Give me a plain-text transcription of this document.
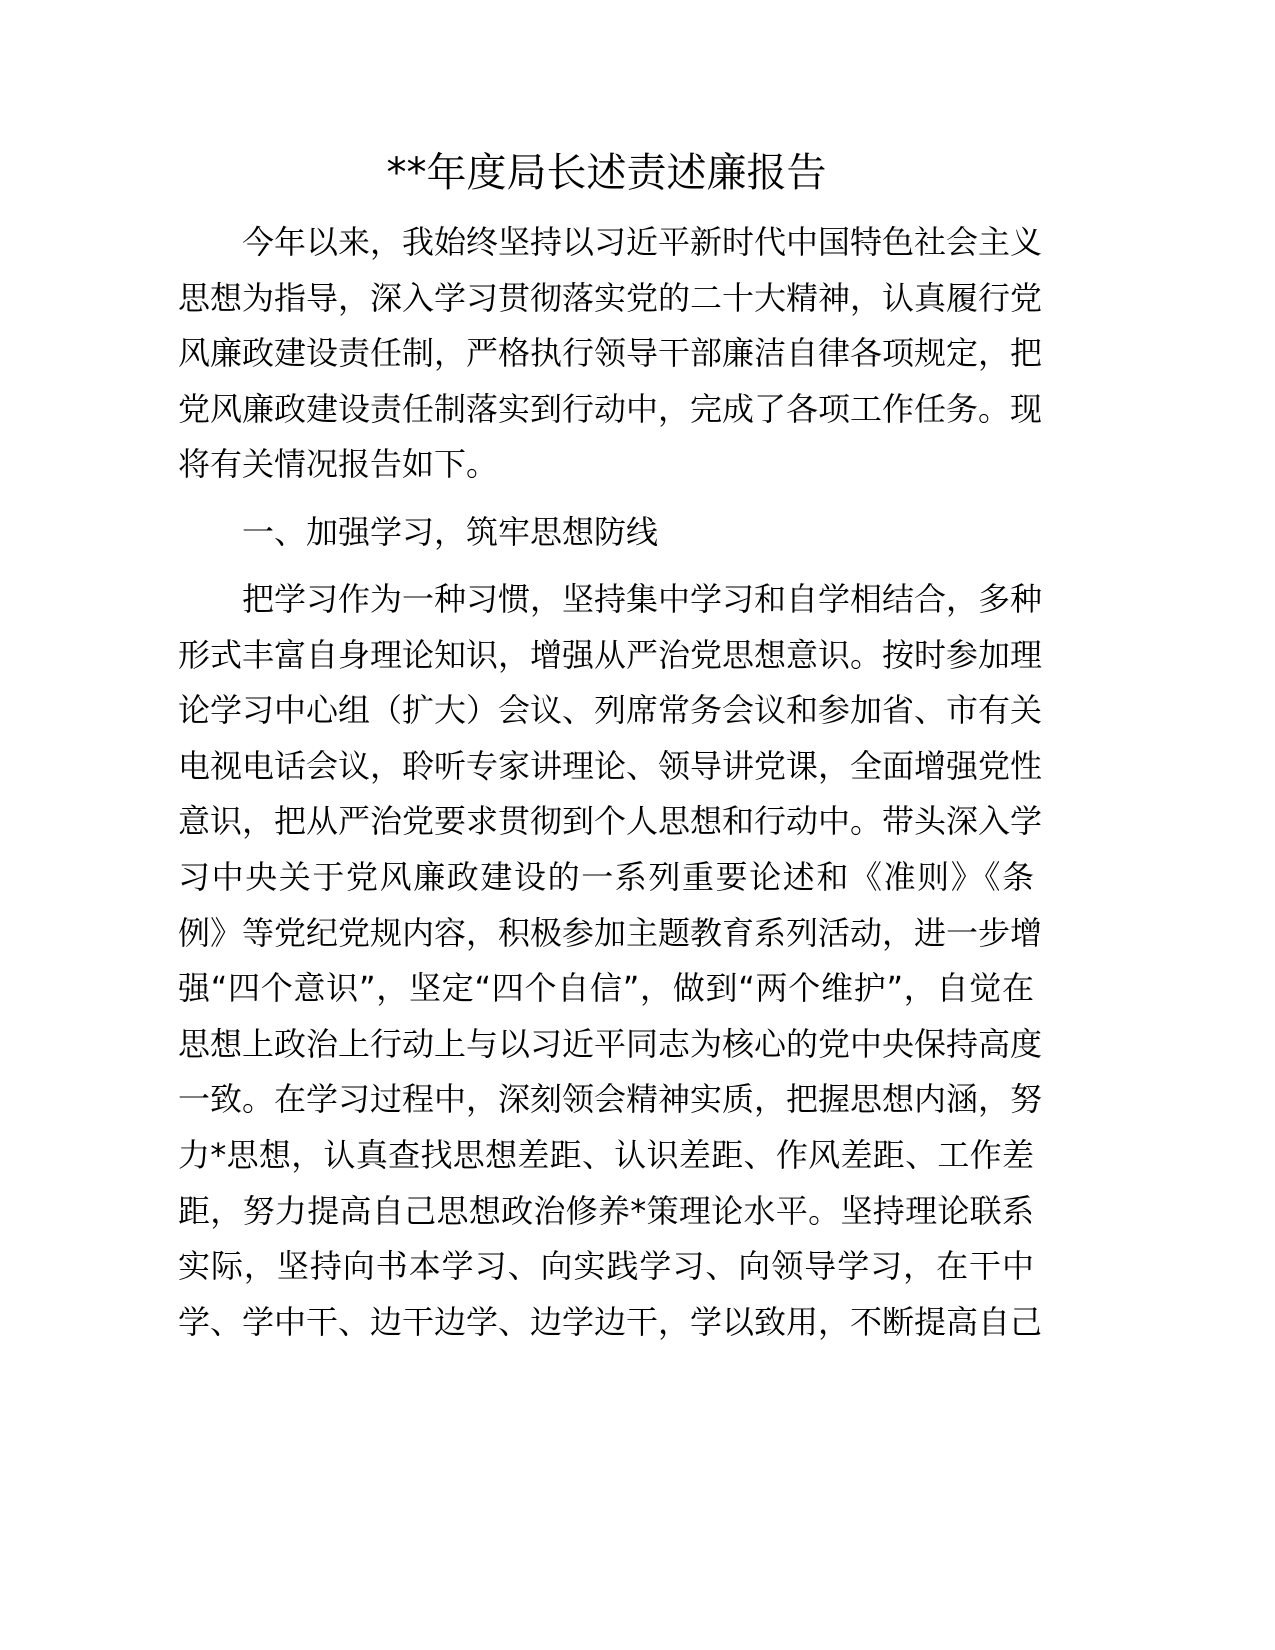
**年度局长述责述廉报告
今年以来，我始终坚持以习近平新时代中国特色社会主义
思想为指导，深入学习贯彻落实党的二十大精神，认真履行党
风廉政建设责任制，严格执行领导干部廉洁自律各项规定，把
党风廉政建设责任制落实到行动中，完成了各项工作任务。现
将有关情况报告如下。
一、加强学习，筑牢思想防线
把学习作为一种习惯，坚持集中学习和自学相结合，多种
形式丰富自身理论知识，增强从严治党思想意识。按时参加理
论学习中心组（扩大）会议、列席常务会议和参加省、市有关
电视电话会议，聆听专家讲理论、领导讲党课，全面增强党性
意识，把从严治党要求贯彻到个人思想和行动中。带头深入学
习中央关于党风廉政建设的一系列重要论述和《准则》《条
例》等党纪党规内容，积极参加主题教育系列活动，进一步增
强“四个意识”，坚定“四个自信”，做到“两个维护”，自觉在
思想上政治上行动上与以习近平同志为核心的党中央保持高度
一致。在学习过程中，深刻领会精神实质，把握思想内涵，努
力*思想，认真查找思想差距、认识差距、作风差距、工作差
距，努力提高自己思想政治修养*策理论水平。坚持理论联系
实际，坚持向书本学习、向实践学习、向领导学习，在干中
学、学中干、边干边学、边学边干，学以致用，不断提高自己
